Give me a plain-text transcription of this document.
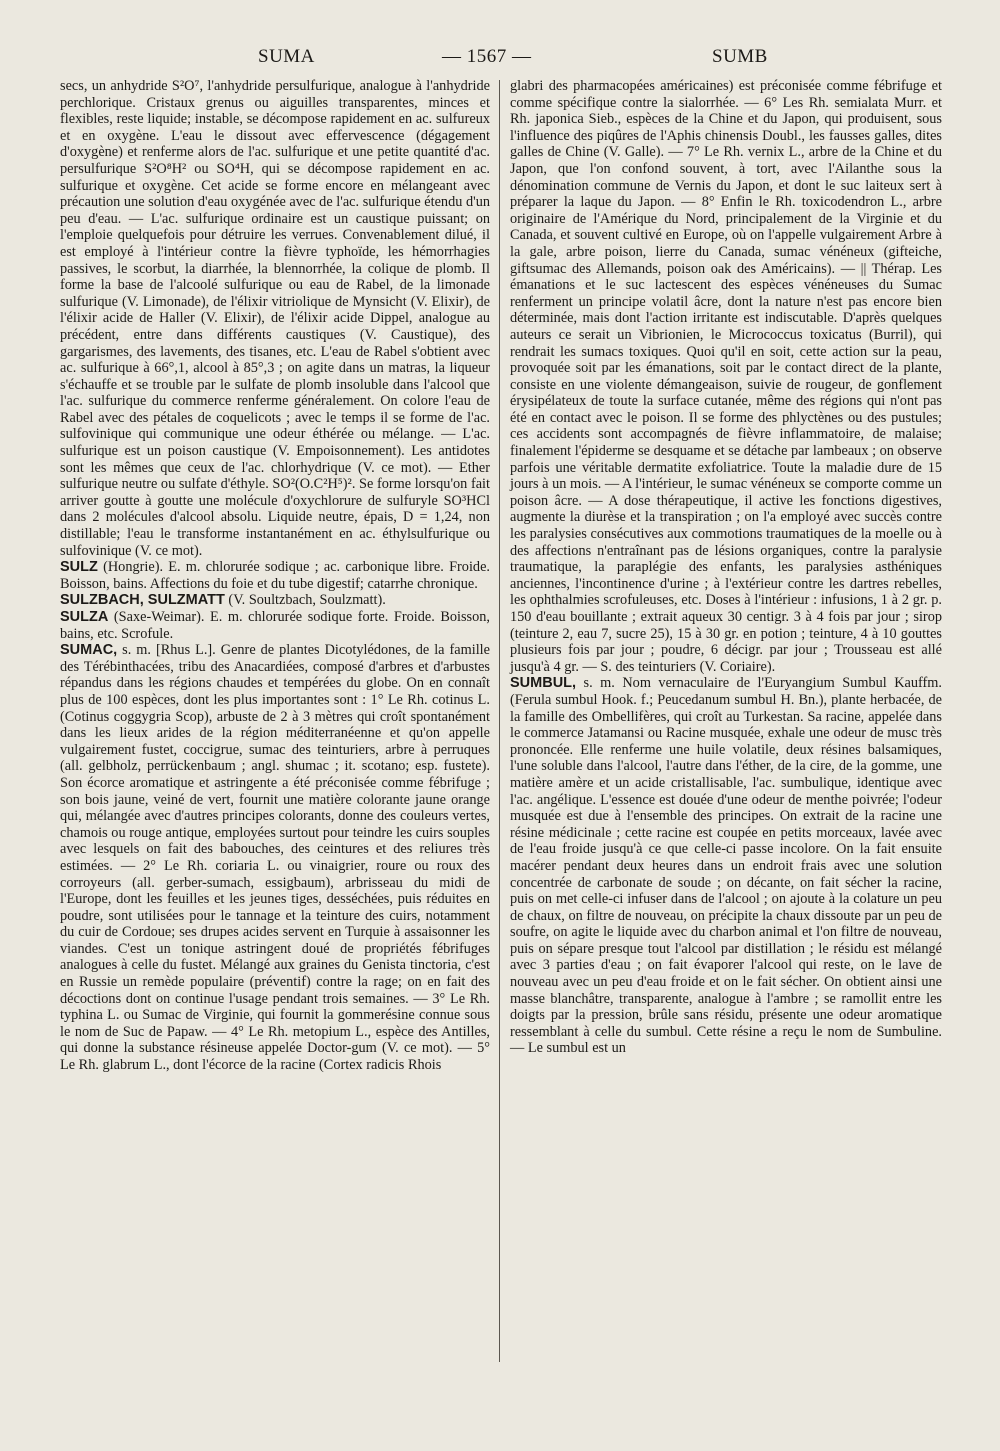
SUMA	— 1567 —	SUMB

secs, un anhydride S²O⁷, l'anhydride persulfurique, analogue à l'anhydride perchlorique. Cristaux grenus ou aiguilles transparentes, minces et flexibles, reste liquide; instable, se décompose rapidement en ac. sulfureux et en oxygène. L'eau le dissout avec effervescence (dégagement d'oxygène) et renferme alors de l'ac. sulfurique et une petite quantité d'ac. persulfurique S²O⁸H² ou SO⁴H, qui se décompose rapidement en ac. sulfurique et oxygène. Cet acide se forme encore en mélangeant avec précaution une solution d'eau oxygénée avec de l'ac. sulfurique étendu d'un peu d'eau. — L'ac. sulfurique ordinaire est un caustique puissant; on l'emploie quelquefois pour détruire les verrues. Convenablement dilué, il est employé à l'intérieur contre la fièvre typhoïde, les hémorrhagies passives, le scorbut, la diarrhée, la blennorrhée, la colique de plomb. Il forme la base de l'alcoolé sulfurique ou eau de Rabel, de la limonade sulfurique (V. Limonade), de l'élixir vitriolique de Mynsicht (V. Elixir), de l'élixir acide de Haller (V. Elixir), de l'élixir acide Dippel, analogue au précédent, entre dans différents caustiques (V. Caustique), des gargarismes, des lavements, des tisanes, etc. L'eau de Rabel s'obtient avec ac. sulfurique à 66°,1, alcool à 85°,3 ; on agite dans un matras, la liqueur s'échauffe et se trouble par le sulfate de plomb insoluble dans l'alcool que l'ac. sulfurique du commerce renferme généralement. On colore l'eau de Rabel avec des pétales de coquelicots ; avec le temps il se forme de l'ac. sulfovinique qui communique une odeur éthérée ou mélange. — L'ac. sulfurique est un poison caustique (V. Empoisonnement). Les antidotes sont les mêmes que ceux de l'ac. chlorhydrique (V. ce mot). — Ether sulfurique neutre ou sulfate d'éthyle. SO²(O.C²H⁵)². Se forme lorsqu'on fait arriver goutte à goutte une molécule d'oxychlorure de sulfuryle SO³HCl dans 2 molécules d'alcool absolu. Liquide neutre, épais, D = 1,24, non distillable; l'eau le transforme instantanément en ac. éthylsulfurique ou sulfovinique (V. ce mot).

SULZ (Hongrie). E. m. chlorurée sodique ; ac. carbonique libre. Froide. Boisson, bains. Affections du foie et du tube digestif; catarrhe chronique.

SULZBACH, SULZMATT (V. Soultzbach, Soulzmatt).

SULZA (Saxe-Weimar). E. m. chlorurée sodique forte. Froide. Boisson, bains, etc. Scrofule.

SUMAC, s. m. [Rhus L.]. Genre de plantes Dicotylédones, de la famille des Térébinthacées, tribu des Anacardiées, composé d'arbres et d'arbustes répandus dans les régions chaudes et tempérées du globe. On en connaît plus de 100 espèces, dont les plus importantes sont : 1° Le Rh. cotinus L. (Cotinus coggygria Scop), arbuste de 2 à 3 mètres qui croît spontanément dans les lieux arides de la région méditerranéenne et qu'on appelle vulgairement fustet, coccigrue, sumac des teinturiers, arbre à perruques (all. gelbholz, perrückenbaum ; angl. shumac ; it. scotano; esp. fustete). Son écorce aromatique et astringente a été préconisée comme fébrifuge ; son bois jaune, veiné de vert, fournit une matière colorante jaune orange qui, mélangée avec d'autres principes colorants, donne des couleurs vertes, chamois ou rouge antique, employées surtout pour teindre les cuirs souples avec lesquels on fait des babouches, des ceintures et des reliures très estimées. — 2° Le Rh. coriaria L. ou vinaigrier, roure ou roux des corroyeurs (all. gerber-sumach, essigbaum), arbrisseau du midi de l'Europe, dont les feuilles et les jeunes tiges, desséchées, puis réduites en poudre, sont utilisées pour le tannage et la teinture des cuirs, notamment du cuir de Cordoue; ses drupes acides servent en Turquie à assaisonner les viandes. C'est un tonique astringent doué de propriétés fébrifuges analogues à celle du fustet. Mélangé aux graines du Genista tinctoria, c'est en Russie un remède populaire (préventif) contre la rage; on en fait des décoctions dont on continue l'usage pendant trois semaines. — 3° Le Rh. typhina L. ou Sumac de Virginie, qui fournit la gommerésine connue sous le nom de Suc de Papaw. — 4° Le Rh. metopium L., espèce des Antilles, qui donne la substance résineuse appelée Doctor-gum (V. ce mot). — 5° Le Rh. glabrum L., dont l'écorce de la racine (Cortex radicis Rhois

glabri des pharmacopées américaines) est préconisée comme fébrifuge et comme spécifique contre la sialorrhée. — 6° Les Rh. semialata Murr. et Rh. japonica Sieb., espèces de la Chine et du Japon, qui produisent, sous l'influence des piqûres de l'Aphis chinensis Doubl., les fausses galles, dites galles de Chine (V. Galle). — 7° Le Rh. vernix L., arbre de la Chine et du Japon, que l'on confond souvent, à tort, avec l'Ailanthe sous la dénomination commune de Vernis du Japon, et dont le suc laiteux sert à préparer la laque du Japon. — 8° Enfin le Rh. toxicodendron L., arbre originaire de l'Amérique du Nord, principalement de la Virginie et du Canada, et souvent cultivé en Europe, où on l'appelle vulgairement Arbre à la gale, arbre poison, lierre du Canada, sumac vénéneux (gifteiche, giftsumac des Allemands, poison oak des Américains). — || Thérap. Les émanations et le suc lactescent des espèces vénéneuses du Sumac renferment un principe volatil âcre, dont la nature n'est pas encore bien déterminée, mais dont l'action irritante est indiscutable. D'après quelques auteurs ce serait un Vibrionien, le Micrococcus toxicatus (Burril), qui rendrait les sumacs toxiques. Quoi qu'il en soit, cette action sur la peau, provoquée soit par les émanations, soit par le contact direct de la plante, consiste en une violente démangeaison, suivie de rougeur, de gonflement érysipélateux de toute la surface cutanée, même des régions qui n'ont pas été en contact avec le poison. Il se forme des phlyctènes ou des pustules; ces accidents sont accompagnés de fièvre inflammatoire, de malaise; finalement l'épiderme se desquame et se détache par lambeaux ; on observe parfois une véritable dermatite exfoliatrice. Toute la maladie dure de 15 jours à un mois. — A l'intérieur, le sumac vénéneux se comporte comme un poison âcre. — A dose thérapeutique, il active les fonctions digestives, augmente la diurèse et la transpiration ; on l'a employé avec succès contre les paralysies consécutives aux commotions traumatiques de la moelle ou à des affections n'entraînant pas de lésions organiques, contre la paralysie traumatique, la paraplégie des enfants, les paralysies asthéniques anciennes, l'incontinence d'urine ; à l'extérieur contre les dartres rebelles, les ophthalmies scrofuleuses, etc. Doses à l'intérieur : infusions, 1 à 2 gr. p. 150 d'eau bouillante ; extrait aqueux 30 centigr. 3 à 4 fois par jour ; sirop (teinture 2, eau 7, sucre 25), 15 à 30 gr. en potion ; teinture, 4 à 10 gouttes plusieurs fois par jour ; poudre, 6 décigr. par jour ; Trousseau est allé jusqu'à 4 gr. — S. des teinturiers (V. Coriaire).

SUMBUL, s. m. Nom vernaculaire de l'Euryangium Sumbul Kauffm. (Ferula sumbul Hook. f.; Peucedanum sumbul H. Bn.), plante herbacée, de la famille des Ombellifères, qui croît au Turkestan. Sa racine, appelée dans le commerce Jatamansi ou Racine musquée, exhale une odeur de musc très prononcée. Elle renferme une huile volatile, deux résines balsamiques, l'une soluble dans l'alcool, l'autre dans l'éther, de la cire, de la gomme, une matière amère et un acide cristallisable, l'ac. sumbulique, identique avec l'ac. angélique. L'essence est douée d'une odeur de menthe poivrée; l'odeur musquée est due à l'ensemble des principes. On extrait de la racine une résine médicinale ; cette racine est coupée en petits morceaux, lavée avec de l'eau froide jusqu'à ce que celle-ci passe incolore. On la fait ensuite macérer pendant deux heures dans un endroit frais avec une solution concentrée de carbonate de soude ; on décante, on fait sécher la racine, puis on met celle-ci infuser dans de l'alcool ; on ajoute à la colature un peu de chaux, on filtre de nouveau, on précipite la chaux dissoute par un peu de soufre, on agite le liquide avec du charbon animal et l'on filtre de nouveau, puis on sépare presque tout l'alcool par distillation ; le résidu est mélangé avec 3 parties d'eau ; on fait évaporer l'alcool qui reste, on le lave de nouveau avec un peu d'eau froide et on le fait sécher. On obtient ainsi une masse blanchâtre, transparente, analogue à l'ambre ; se ramollit entre les doigts par la pression, brûle sans résidu, présente une odeur aromatique ressemblant à celle du sumbul. Cette résine a reçu le nom de Sumbuline. — Le sumbul est un
